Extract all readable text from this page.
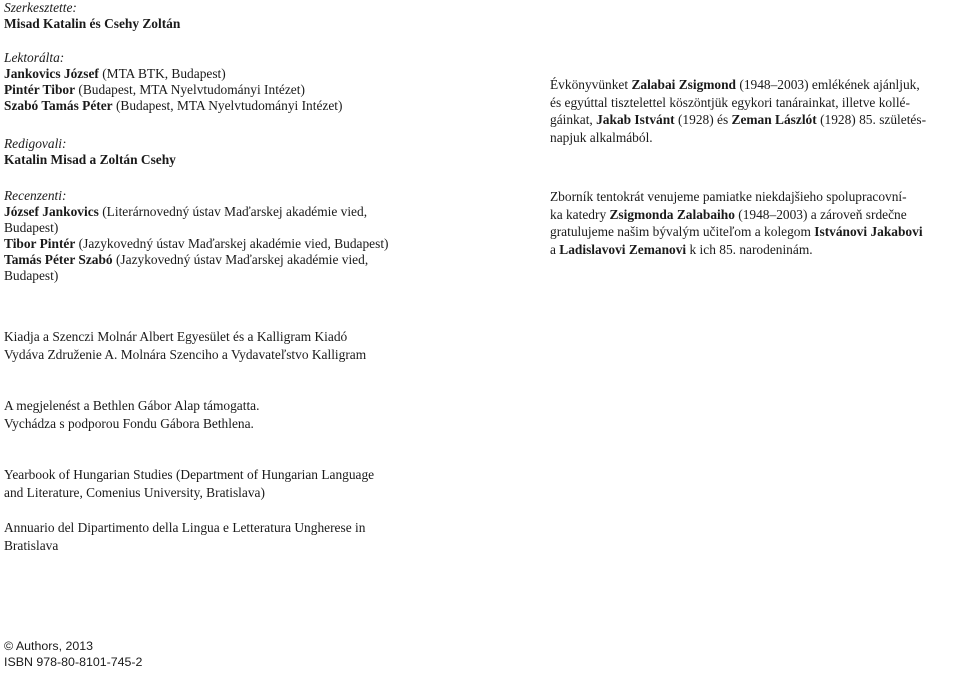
Szerkesztette:
Misad Katalin és Csehy Zoltán
Lektorálta:
Jankovics József (MTA BTK, Budapest)
Pintér Tibor (Budapest, MTA Nyelvtudományi Intézet)
Szabó Tamás Péter (Budapest, MTA Nyelvtudományi Intézet)
Redigovali:
Katalin Misad a Zoltán Csehy
Recenzenti:
József Jankovics (Literárnovedný ústav Maďarskej akadémie vied,
Budapest)
Tibor Pintér (Jazykovedný ústav Maďarskej akadémie vied, Budapest)
Tamás Péter Szabó (Jazykovedný ústav Maďarskej akadémie vied,
Budapest)
Évkönyvünket Zalabai Zsigmond (1948–2003) emlékének ajánljuk,
és egyúttal tisztelettel köszöntjük egykori tanárainkat, illetve kollé-
gáinkat, Jakab Istvánt (1928) és Zeman Lászlót (1928) 85. születés-
napjuk alkalmából.
Zborník tentokrát venujeme pamiatke niekdajšieho spolupracovní-
ka katedry Zsigmonda Zalabaiho (1948–2003) a zároveň srdečne
gratulujeme našim bývalým učiteľom a kolegom Istvánovi Jakabovi
a Ladislavovi Zemanovi k ich 85. narodeninám.
Kiadja a Szenczi Molnár Albert Egyesület és a Kalligram Kiadó
Vydáva Združenie A. Molnára Szenciho a Vydavateľstvo Kalligram
A megjelenést a Bethlen Gábor Alap támogatta.
Vychádza s podporou Fondu Gábora Bethlena.
Yearbook of Hungarian Studies (Department of Hungarian Language
and Literature, Comenius University, Bratislava)
Annuario del Dipartimento della Lingua e Letteratura Ungherese in
Bratislava
© Authors, 2013
ISBN 978-80-8101-745-2
